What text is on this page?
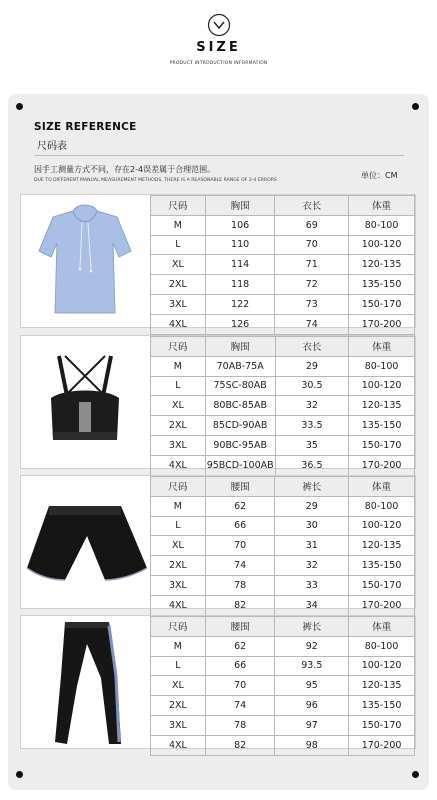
SIZE
PRODUCT INTRODUCTION INFORMATION
SIZE REFERENCE
尺码表
因手工测量方式不同，存在2-4误差属于合理范围。
DUE TO DIFFERENT MANUAL MEASUREMENT METHODS, THERE IS A REASONABLE RANGE OF 2-4 ERRORS
单位：CM
尺码	胸围	衣长	体重
M	106	69	80-100
L	110	70	100-120
XL	114	71	120-135
2XL	118	72	135-150
3XL	122	73	150-170
4XL	126	74	170-200
尺码	胸围	衣长	体重
M	70AB-75A	29	80-100
L	75SC-80AB	30.5	100-120
XL	80BC-85AB	32	120-135
2XL	85CD-90AB	33.5	135-150
3XL	90BC-95AB	35	150-170
4XL	95BCD-100AB	36.5	170-200
尺码	腰围	裤长	体重
M	62	29	80-100
L	66	30	100-120
XL	70	31	120-135
2XL	74	32	135-150
3XL	78	33	150-170
4XL	82	34	170-200
尺码	腰围	裤长	体重
M	62	92	80-100
L	66	93.5	100-120
XL	70	95	120-135
2XL	74	96	135-150
3XL	78	97	150-170
4XL	82	98	170-200
